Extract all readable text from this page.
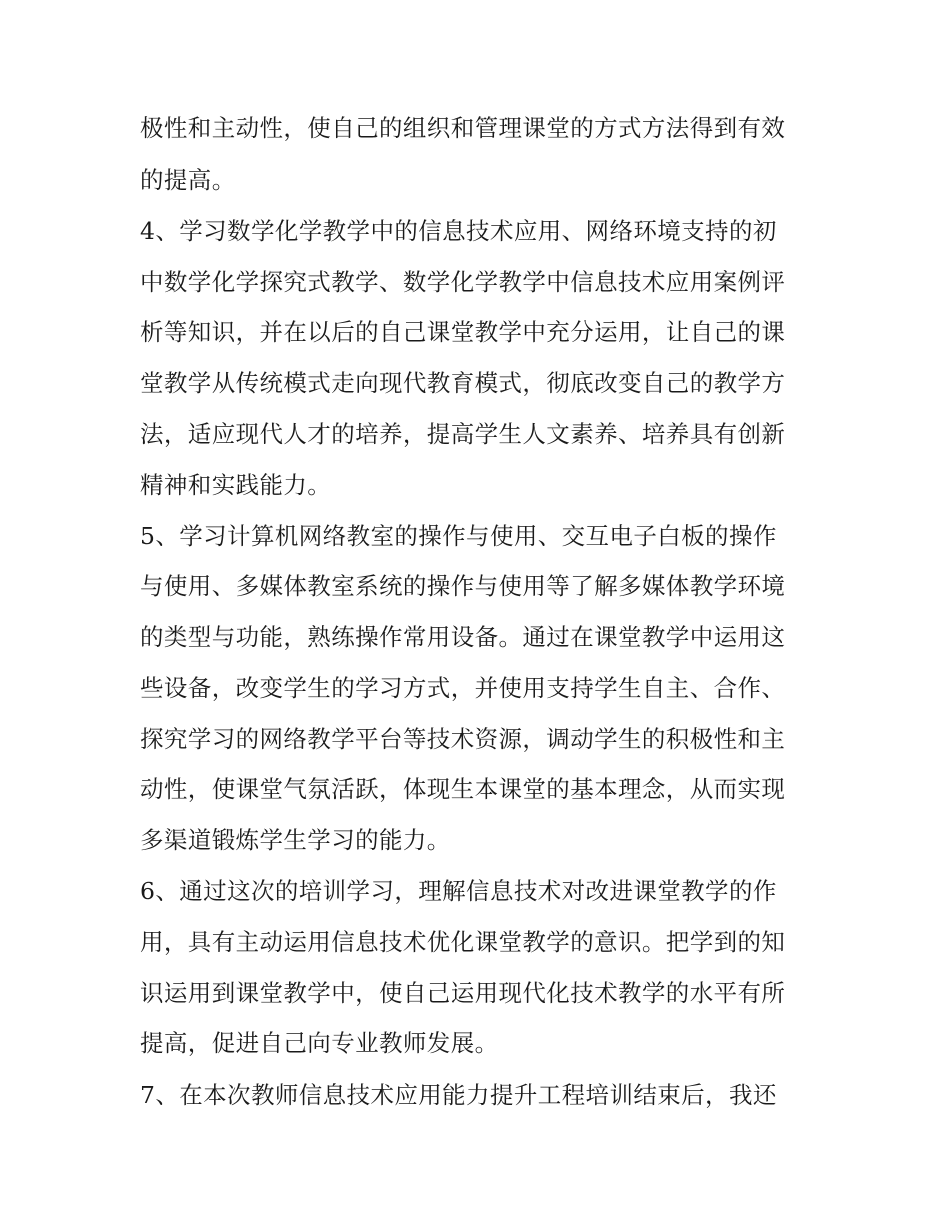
极性和主动性，使自己的组织和管理课堂的方式方法得到有效
的提高。
4、学习数学化学教学中的信息技术应用、网络环境支持的初
中数学化学探究式教学、数学化学教学中信息技术应用案例评
析等知识，并在以后的自己课堂教学中充分运用，让自己的课
堂教学从传统模式走向现代教育模式，彻底改变自己的教学方
法，适应现代人才的培养，提高学生人文素养、培养具有创新
精神和实践能力。
5、学习计算机网络教室的操作与使用、交互电子白板的操作
与使用、多媒体教室系统的操作与使用等了解多媒体教学环境
的类型与功能，熟练操作常用设备。通过在课堂教学中运用这
些设备，改变学生的学习方式，并使用支持学生自主、合作、
探究学习的网络教学平台等技术资源，调动学生的积极性和主
动性，使课堂气氛活跃，体现生本课堂的基本理念，从而实现
多渠道锻炼学生学习的能力。
6、通过这次的培训学习，理解信息技术对改进课堂教学的作
用，具有主动运用信息技术优化课堂教学的意识。把学到的知
识运用到课堂教学中，使自己运用现代化技术教学的水平有所
提高，促进自己向专业教师发展。
7、在本次教师信息技术应用能力提升工程培训结束后，我还
